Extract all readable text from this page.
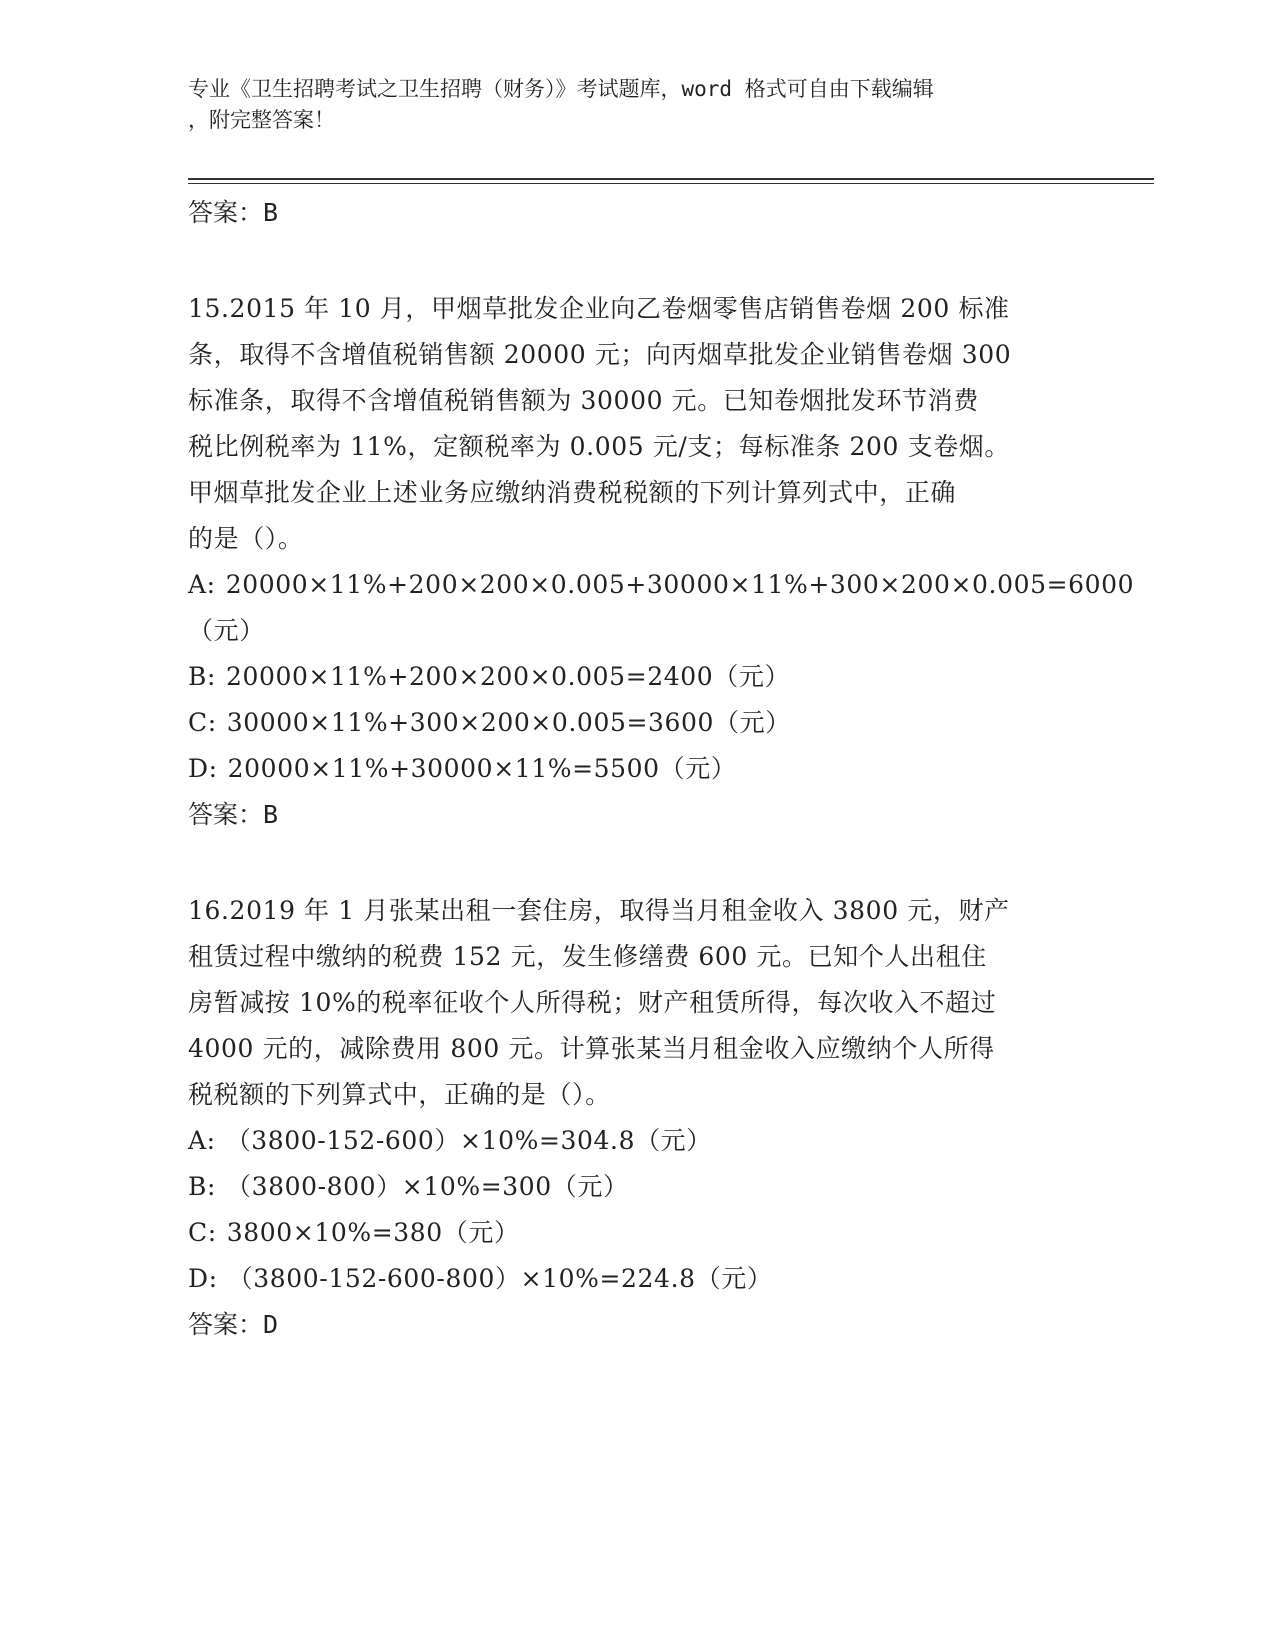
专业《卫生招聘考试之卫生招聘（财务）》考试题库，word 格式可自由下载编辑
，附完整答案！
答案：B
15.2015 年 10 月，甲烟草批发企业向乙卷烟零售店销售卷烟 200 标准
条，取得不含增值税销售额 20000 元；向丙烟草批发企业销售卷烟 300
标准条，取得不含增值税销售额为 30000 元。已知卷烟批发环节消费
税比例税率为 11%，定额税率为 0.005 元/支；每标准条 200 支卷烟。
甲烟草批发企业上述业务应缴纳消费税税额的下列计算列式中，正确
的是（）。
A: 20000×11%+200×200×0.005+30000×11%+300×200×0.005=6000
（元）
B: 20000×11%+200×200×0.005=2400（元）
C: 30000×11%+300×200×0.005=3600（元）
D: 20000×11%+30000×11%=5500（元）
答案：B
16.2019 年 1 月张某出租一套住房，取得当月租金收入 3800 元，财产
租赁过程中缴纳的税费 152 元，发生修缮费 600 元。已知个人出租住
房暂减按 10%的税率征收个人所得税；财产租赁所得，每次收入不超过
4000 元的，减除费用 800 元。计算张某当月租金收入应缴纳个人所得
税税额的下列算式中，正确的是（）。
A: （3800-152-600）×10%=304.8（元）
B: （3800-800）×10%=300（元）
C: 3800×10%=380（元）
D: （3800-152-600-800）×10%=224.8（元）
答案：D
